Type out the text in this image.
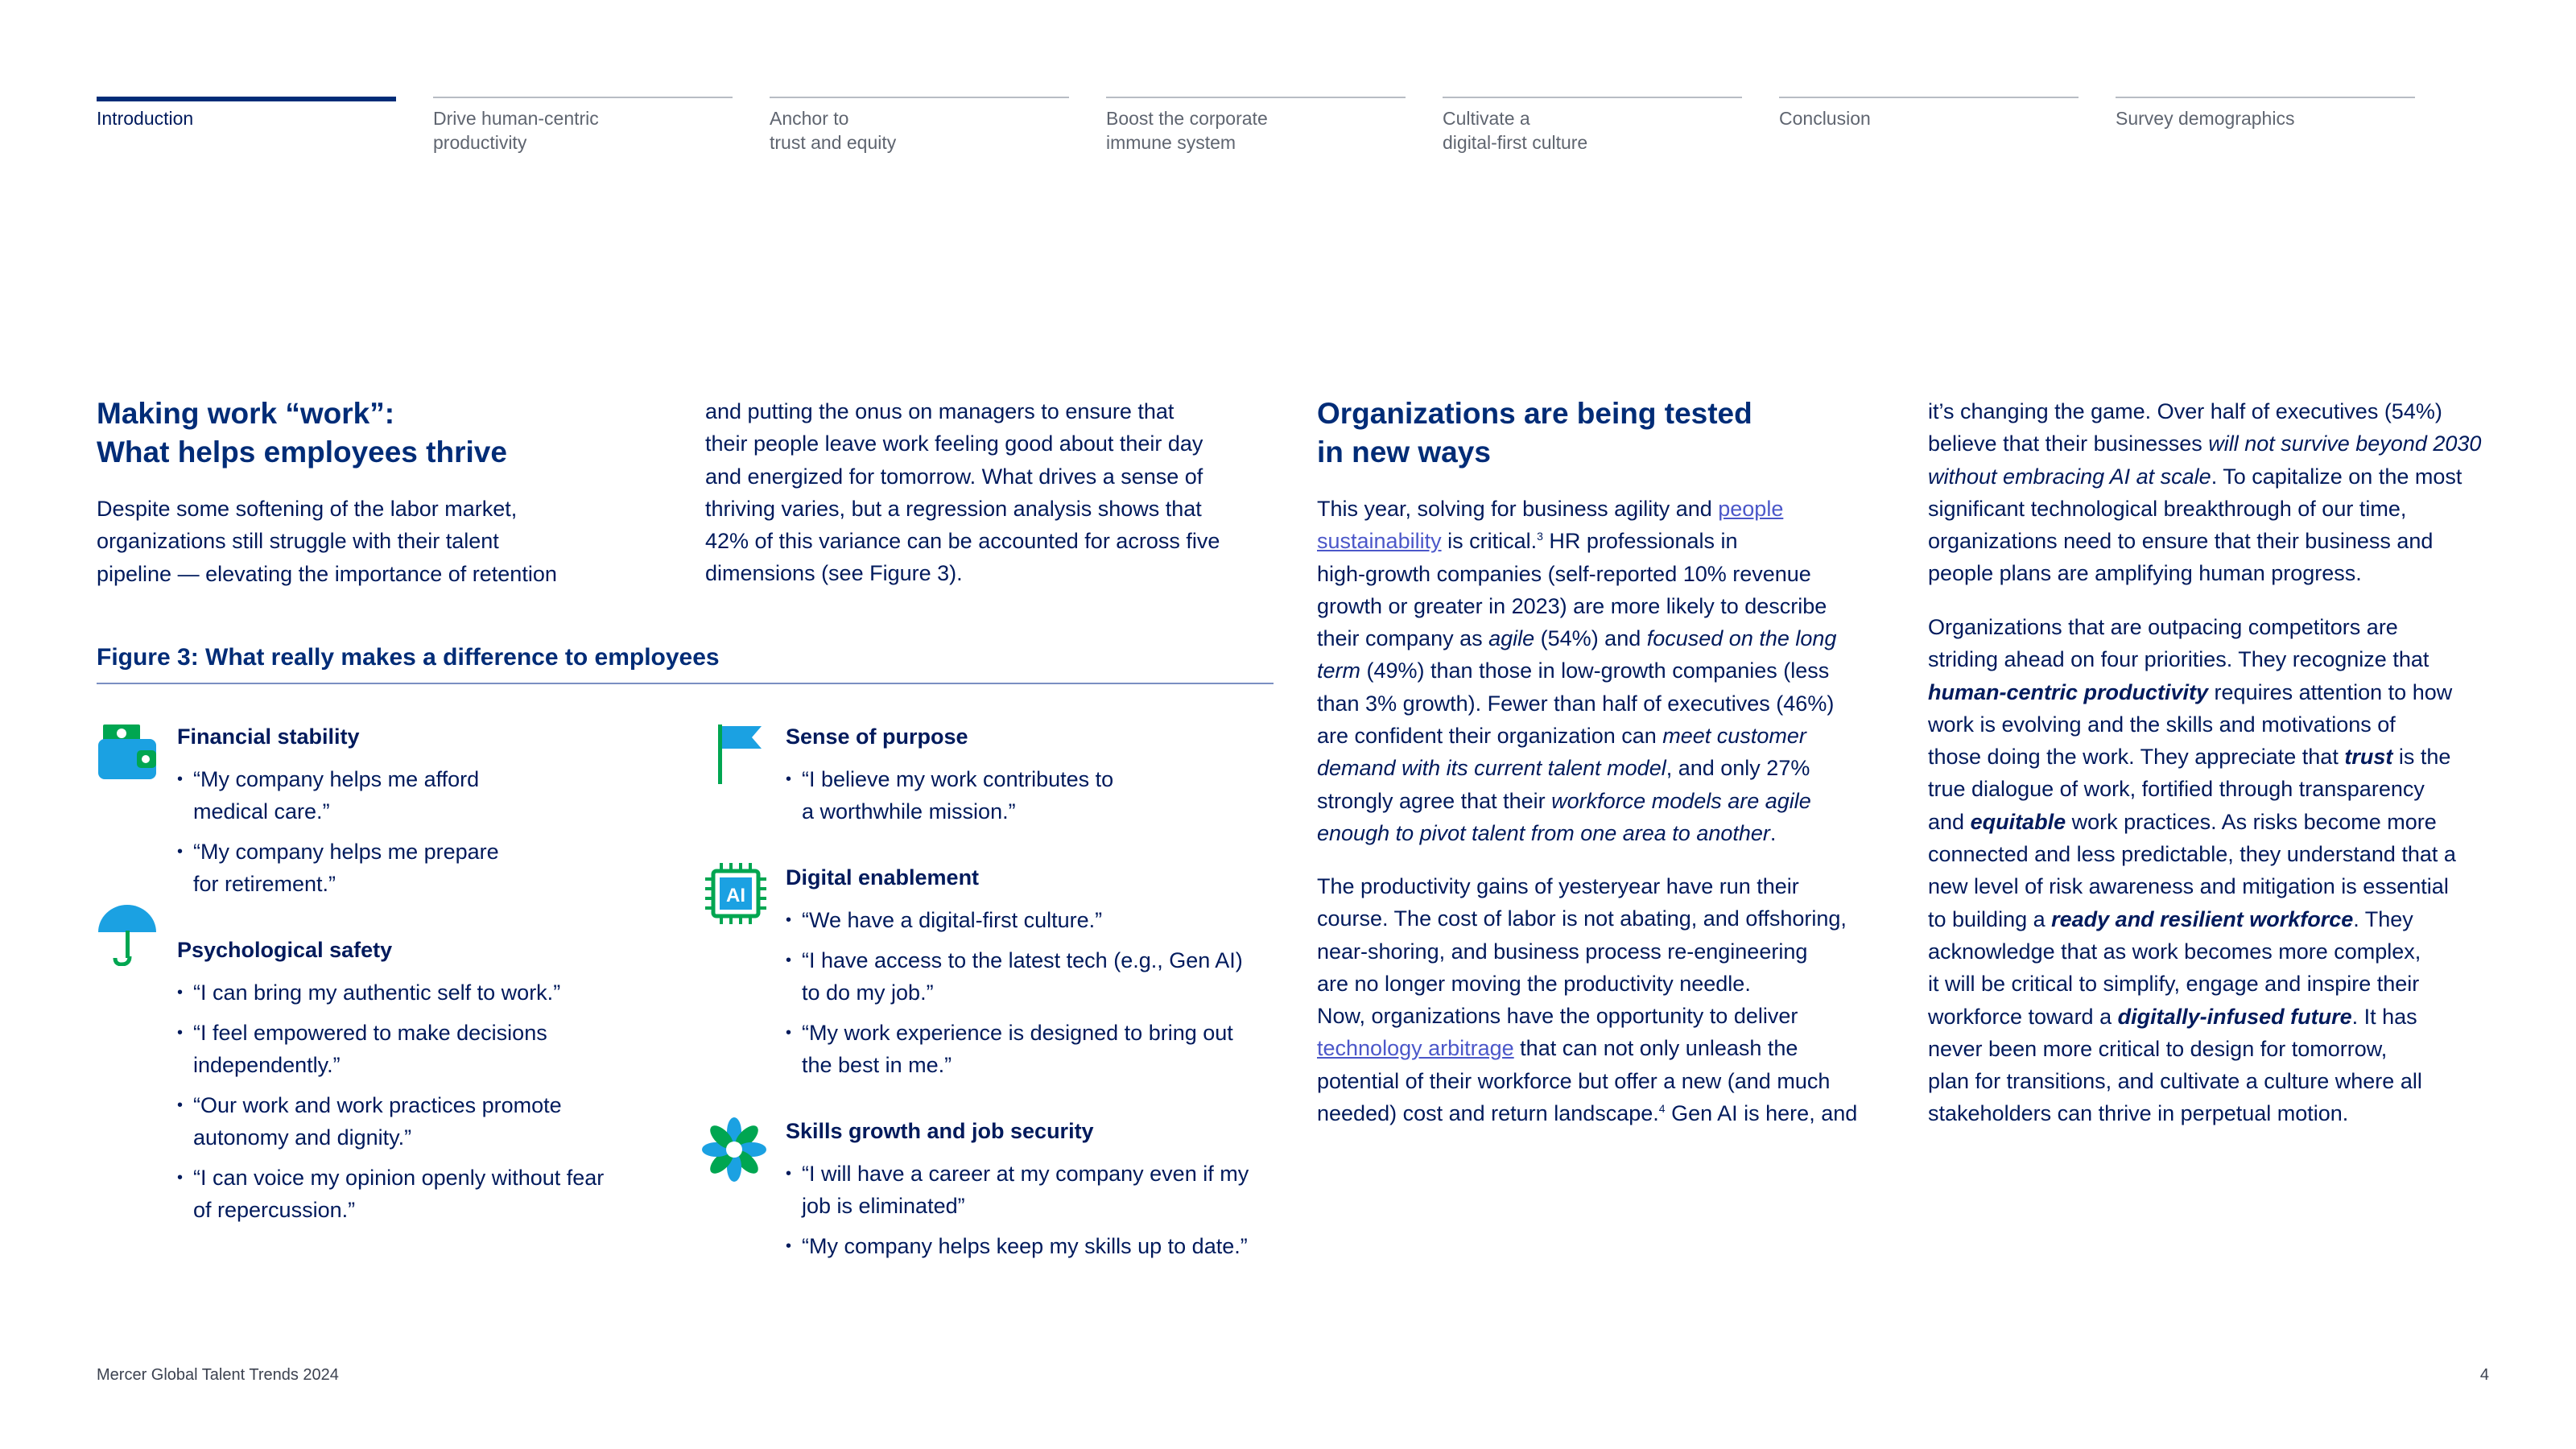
Introduction	Drive human-centric
productivity
Anchor to
trust and equity
Boost the corporate
immune system
Cultivate a
digital-first culture
Conclusion	Survey demographics
Making work “work”:
What helps employees thrive

Despite some softening of the labor market,
organizations still struggle with their talent
pipeline — elevating the importance of retention

and putting the onus on managers to ensure that
their people leave work feeling good about their day
and energized for tomorrow. What drives a sense of
thriving varies, but a regression analysis shows that
42% of this variance can be accounted for across five
dimensions (see Figure 3).

Figure 3: What really makes a difference to employees
Financial stability
• “My company helps me afford
medical care.”
• “My company helps me prepare
for retirement.”
Psychological safety
• “I can bring my authentic self to work.”
• “I feel empowered to make decisions
independently.”
• “Our work and work practices promote
autonomy and dignity.”
• “I can voice my opinion openly without fear
of repercussion.”
Sense of purpose
• “I believe my work contributes to
a worthwhile mission.”
AI
Digital enablement
• “We have a digital-first culture.”
• “I have access to the latest tech (e.g., Gen AI)
to do my job.”
• “My work experience is designed to bring out
the best in me.”
Skills growth and job security
• “I will have a career at my company even if my
job is eliminated”
• “My company helps keep my skills up to date.”
Organizations are being tested
in new ways

This year, solving for business agility and people
sustainability is critical.$^3$ HR professionals in
high-growth companies (self-reported 10% revenue
growth or greater in 2023) are more likely to describe
their company as agile (54%) and focused on the long
term (49%) than those in low-growth companies (less
than 3% growth). Fewer than half of executives (46%)
are confident their organization can meet customer
demand with its current talent model, and only 27%
strongly agree that their workforce models are agile
enough to pivot talent from one area to another.

The productivity gains of yesteryear have run their
course. The cost of labor is not abating, and offshoring,
near-shoring, and business process re-engineering
are no longer moving the productivity needle.
Now, organizations have the opportunity to deliver
technology arbitrage that can not only unleash the
potential of their workforce but offer a new (and much
needed) cost and return landscape.$^4$ Gen AI is here, and

it’s changing the game. Over half of executives (54%)
believe that their businesses will not survive beyond 2030
without embracing AI at scale. To capitalize on the most
significant technological breakthrough of our time,
organizations need to ensure that their business and
people plans are amplifying human progress.

Organizations that are outpacing competitors are
striding ahead on four priorities. They recognize that
human-centric productivity requires attention to how
work is evolving and the skills and motivations of
those doing the work. They appreciate that trust is the
true dialogue of work, fortified through transparency
and equitable work practices. As risks become more
connected and less predictable, they understand that a
new level of risk awareness and mitigation is essential
to building a ready and resilient workforce. They
acknowledge that as work becomes more complex,
it will be critical to simplify, engage and inspire their
workforce toward a digitally-infused future. It has
never been more critical to design for tomorrow,
plan for transitions, and cultivate a culture where all
stakeholders can thrive in perpetual motion.

Mercer Global Talent Trends 2024	4
